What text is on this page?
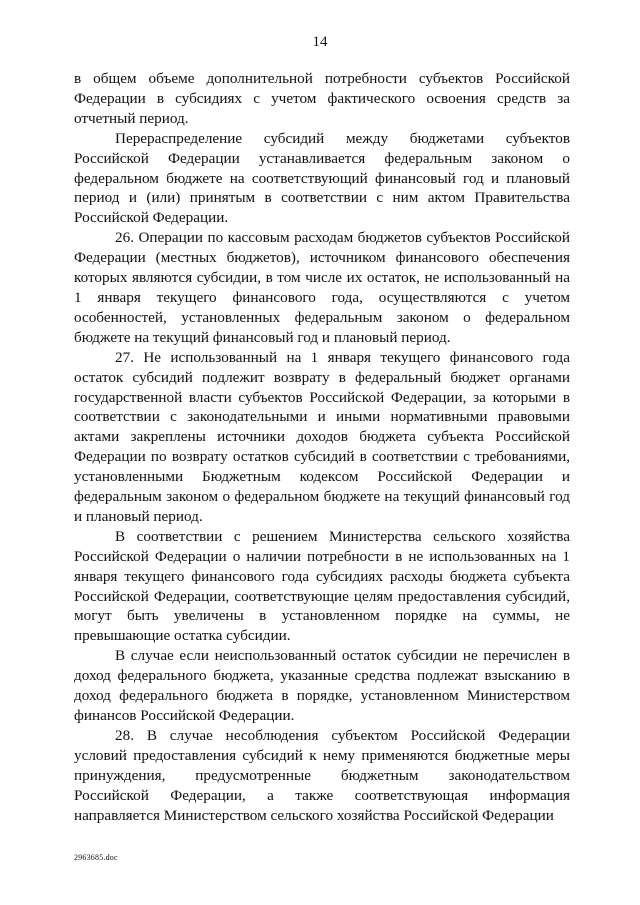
14

в общем объеме дополнительной потребности субъектов Российской Федерации в субсидиях с учетом фактического освоения средств за отчетный период.

Перераспределение субсидий между бюджетами субъектов Российской Федерации устанавливается федеральным законом о федеральном бюджете на соответствующий финансовый год и плановый период и (или) принятым в соответствии с ним актом Правительства Российской Федерации.

26. Операции по кассовым расходам бюджетов субъектов Российской Федерации (местных бюджетов), источником финансового обеспечения которых являются субсидии, в том числе их остаток, не использованный на 1 января текущего финансового года, осуществляются с учетом особенностей, установленных федеральным законом о федеральном бюджете на текущий финансовый год и плановый период.

27. Не использованный на 1 января текущего финансового года остаток субсидий подлежит возврату в федеральный бюджет органами государственной власти субъектов Российской Федерации, за которыми в соответствии с законодательными и иными нормативными правовыми актами закреплены источники доходов бюджета субъекта Российской Федерации по возврату остатков субсидий в соответствии с требованиями, установленными Бюджетным кодексом Российской Федерации и федеральным законом о федеральном бюджете на текущий финансовый год и плановый период.

В соответствии с решением Министерства сельского хозяйства Российской Федерации о наличии потребности в не использованных на 1 января текущего финансового года субсидиях расходы бюджета субъекта Российской Федерации, соответствующие целям предоставления субсидий, могут быть увеличены в установленном порядке на суммы, не превышающие остатка субсидии.

В случае если неиспользованный остаток субсидии не перечислен в доход федерального бюджета, указанные средства подлежат взысканию в доход федерального бюджета в порядке, установленном Министерством финансов Российской Федерации.

28. В случае несоблюдения субъектом Российской Федерации условий предоставления субсидий к нему применяются бюджетные меры принуждения, предусмотренные бюджетным законодательством Российской Федерации, а также соответствующая информация направляется Министерством сельского хозяйства Российской Федерации

2963685.doc
